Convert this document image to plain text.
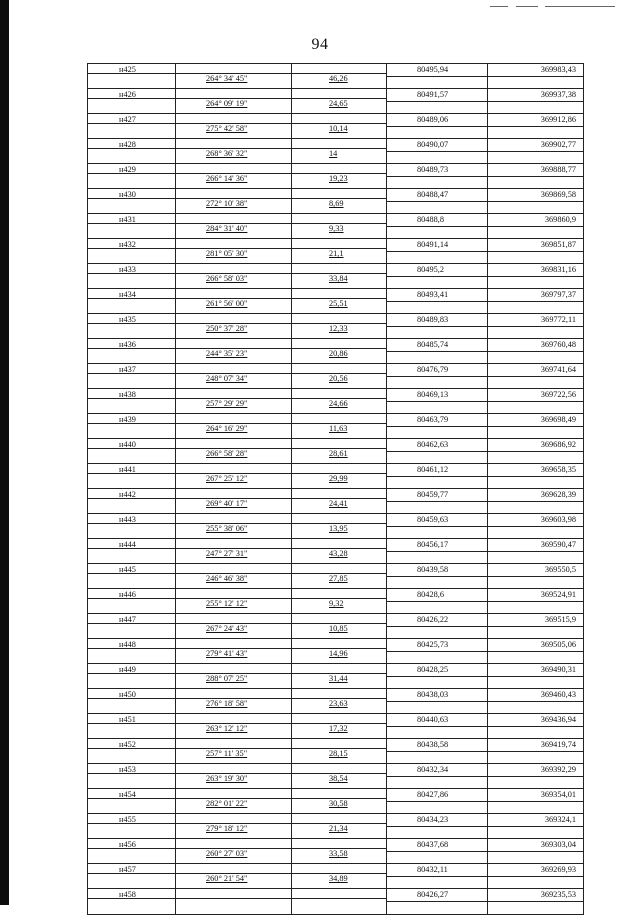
94
н425	80495,94	369983,43
264° 34' 45"	46,26
н426	80491,57	369937,38
264° 09' 19"	24,65
н427	80489,06	369912,86
275° 42' 58"	10,14
н428	80490,07	369902,77
268° 36' 32"	14
н429	80489,73	369888,77
266° 14' 36"	19,23
н430	80488,47	369869,58
272° 10' 38"	8,69
н431	80488,8	369860,9
284° 31' 40"	9,33
н432	80491,14	369851,87
281° 05' 30"	21,1
н433	80495,2	369831,16
266° 58' 03"	33,84
н434	80493,41	369797,37
261° 56' 00"	25,51
н435	80489,83	369772,11
250° 37' 28"	12,33
н436	80485,74	369760,48
244° 35' 23"	20,86
н437	80476,79	369741,64
248° 07' 34"	20,56
н438	80469,13	369722,56
257° 29' 29"	24,66
н439	80463,79	369698,49
264° 16' 29"	11,63
н440	80462,63	369686,92
266° 58' 28"	28,61
н441	80461,12	369658,35
267° 25' 12"	29,99
н442	80459,77	369628,39
269° 40' 17"	24,41
н443	80459,63	369603,98
255° 38' 06"	13,95
н444	80456,17	369590,47
247° 27' 31"	43,28
н445	80439,58	369550,5
246° 46' 38"	27,85
н446	80428,6	369524,91
255° 12' 12"	9,32
н447	80426,22	369515,9
267° 24' 43"	10,85
н448	80425,73	369505,06
279° 41' 43"	14,96
н449	80428,25	369490,31
288° 07' 25"	31,44
н450	80438,03	369460,43
276° 18' 58"	23,63
н451	80440,63	369436,94
263° 12' 12"	17,32
н452	80438,58	369419,74
257° 11' 35"	28,15
н453	80432,34	369392,29
263° 19' 30"	38,54
н454	80427,86	369354,01
282° 01' 22"	30,58
н455	80434,23	369324,1
279° 18' 12"	21,34
н456	80437,68	369303,04
260° 27' 03"	33,58
н457	80432,11	369269,93
260° 21' 54"	34,89
н458	80426,27	369235,53
